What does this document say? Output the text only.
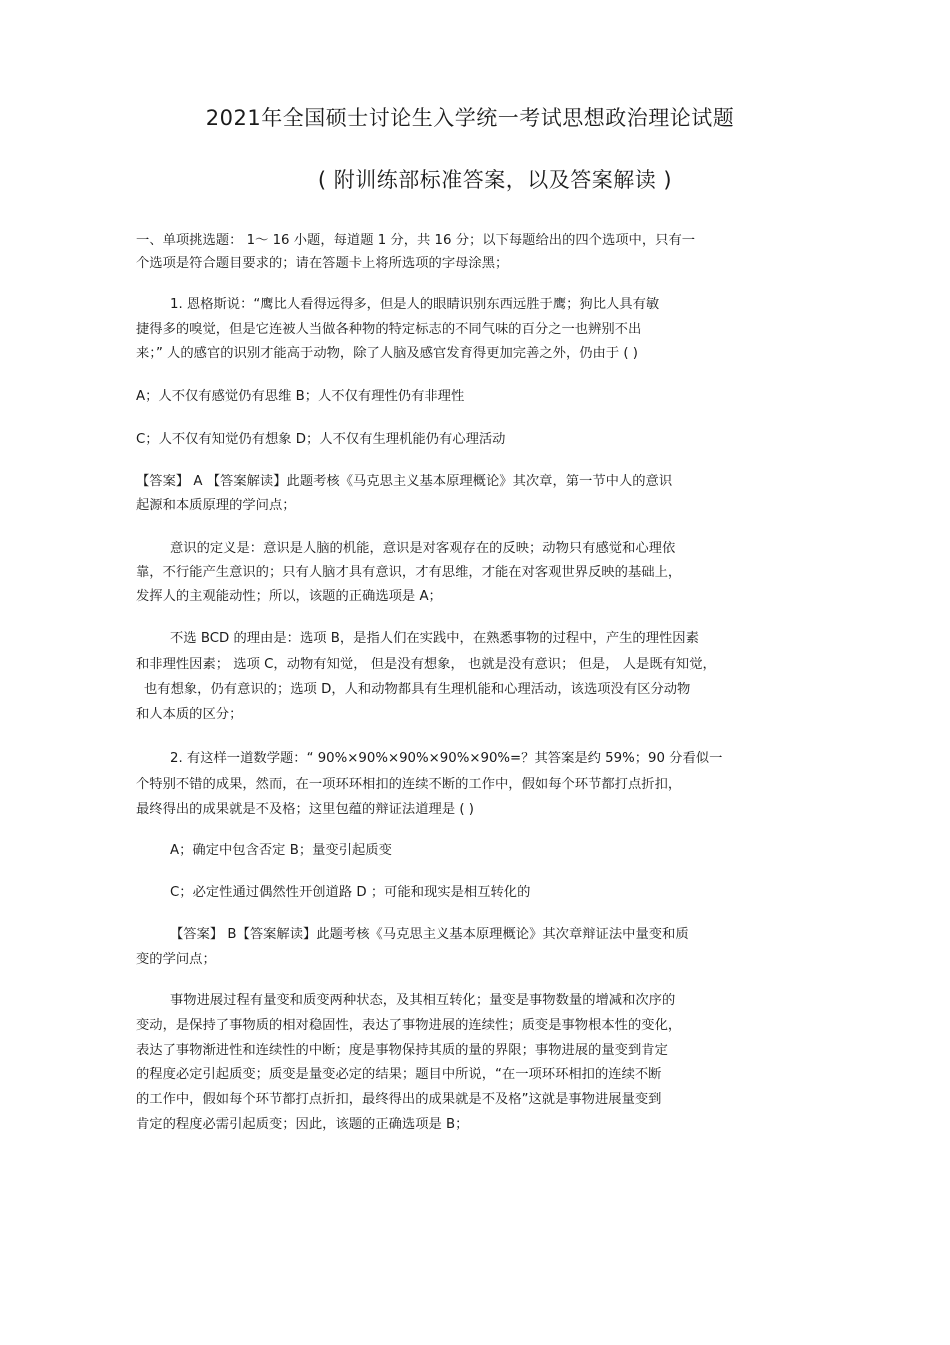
2021年全国硕士讨论生入学统一考试思想政治理论试题
( 附训练部标准答案，以及答案解读 )
一、单项挑选题： 1～ 16 小题，每道题 1 分，共 16 分；以下每题给出的四个选项中，只有一
个选项是符合题目要求的；请在答题卡上将所选项的字母涂黑；
1. 恩格斯说：“鹰比人看得远得多，但是人的眼睛识别东西远胜于鹰；狗比人具有敏
捷得多的嗅觉，但是它连被人当做各种物的特定标志的不同气味的百分之一也辨别不出
来；” 人的感官的识别才能高于动物，除了人脑及感官发育得更加完善之外，仍由于 ( )
A；人不仅有感觉仍有思维 B；人不仅有理性仍有非理性
C；人不仅有知觉仍有想象 D；人不仅有生理机能仍有心理活动
【答案】 A 【答案解读】此题考核《马克思主义基本原理概论》其次章，第一节中人的意识
起源和本质原理的学问点；
意识的定义是：意识是人脑的机能，意识是对客观存在的反映；动物只有感觉和心理依
靠，不行能产生意识的；只有人脑才具有意识，才有思维，才能在对客观世界反映的基础上，
发挥人的主观能动性；所以，该题的正确选项是 A；
不选 BCD 的理由是：选项 B，是指人们在实践中，在熟悉事物的过程中，产生的理性因素
和非理性因素； 选项 C，动物有知觉， 但是没有想象， 也就是没有意识； 但是， 人是既有知觉，
也有想象，仍有意识的；选项 D，人和动物都具有生理机能和心理活动，该选项没有区分动物
和人本质的区分；
2. 有这样一道数学题：“ 90%×90%×90%×90%×90%=？其答案是约 59%；90 分看似一
个特别不错的成果，然而，在一项环环相扣的连续不断的工作中，假如每个环节都打点折扣，
最终得出的成果就是不及格；这里包蕴的辩证法道理是 ( )
A；确定中包含否定 B；量变引起质变
C；必定性通过偶然性开创道路 D ；可能和现实是相互转化的
【答案】 B【答案解读】此题考核《马克思主义基本原理概论》其次章辩证法中量变和质
变的学问点；
事物进展过程有量变和质变两种状态，及其相互转化；量变是事物数量的增减和次序的
变动，是保持了事物质的相对稳固性，表达了事物进展的连续性；质变是事物根本性的变化，
表达了事物渐进性和连续性的中断；度是事物保持其质的量的界限；事物进展的量变到肯定
的程度必定引起质变；质变是量变必定的结果；题目中所说，“在一项环环相扣的连续不断
的工作中，假如每个环节都打点折扣，最终得出的成果就是不及格”这就是事物进展量变到
肯定的程度必需引起质变；因此，该题的正确选项是 B；
